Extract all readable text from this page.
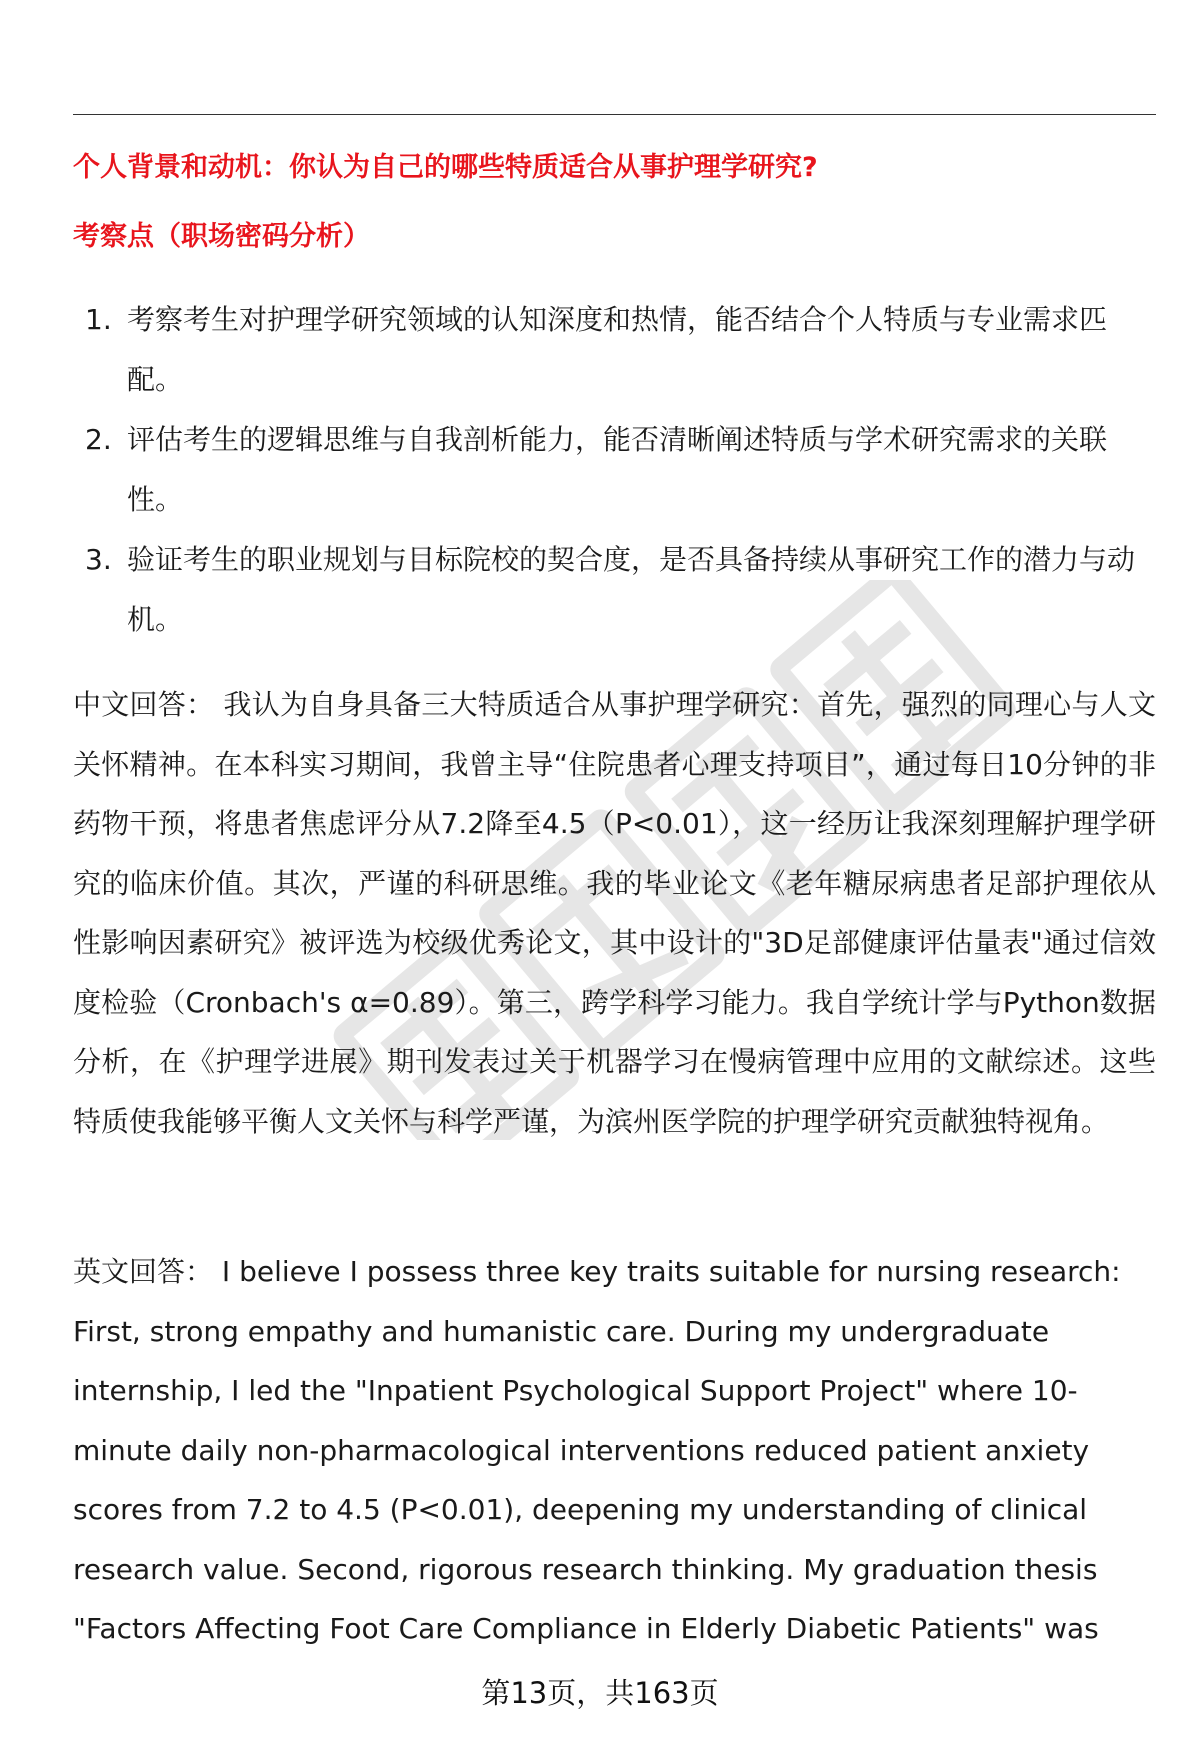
个人背景和动机：你认为自己的哪些特质适合从事护理学研究?
考察点（职场密码分析）
1. 考察考生对护理学研究领域的认知深度和热情，能否结合个人特质与专业需求匹配。
2. 评估考生的逻辑思维与自我剖析能力，能否清晰阐述特质与学术研究需求的关联性。
3. 验证考生的职业规划与目标院校的契合度，是否具备持续从事研究工作的潜力与动机。

中文回答： 我认为自身具备三大特质适合从事护理学研究：首先，强烈的同理心与人文关怀精神。在本科实习期间，我曾主导“住院患者心理支持项目”，通过每日10分钟的非药物干预，将患者焦虑评分从7.2降至4.5（P<0.01），这一经历让我深刻理解护理学研究的临床价值。其次，严谨的科研思维。我的毕业论文《老年糖尿病患者足部护理依从性影响因素研究》被评选为校级优秀论文，其中设计的"3D足部健康评估量表"通过信效度检验（Cronbach's α=0.89）。第三，跨学科学习能力。我自学统计学与Python数据分析，在《护理学进展》期刊发表过关于机器学习在慢病管理中应用的文献综述。这些特质使我能够平衡人文关怀与科学严谨，为滨州医学院的护理学研究贡献独特视角。

英文回答： I believe I possess three key traits suitable for nursing research: First, strong empathy and humanistic care. During my undergraduate internship, I led the "Inpatient Psychological Support Project" where 10-minute daily non-pharmacological interventions reduced patient anxiety scores from 7.2 to 4.5 (P<0.01), deepening my understanding of clinical research value. Second, rigorous research thinking. My graduation thesis "Factors Affecting Foot Care Compliance in Elderly Diabetic Patients" was

第13页，共163页
